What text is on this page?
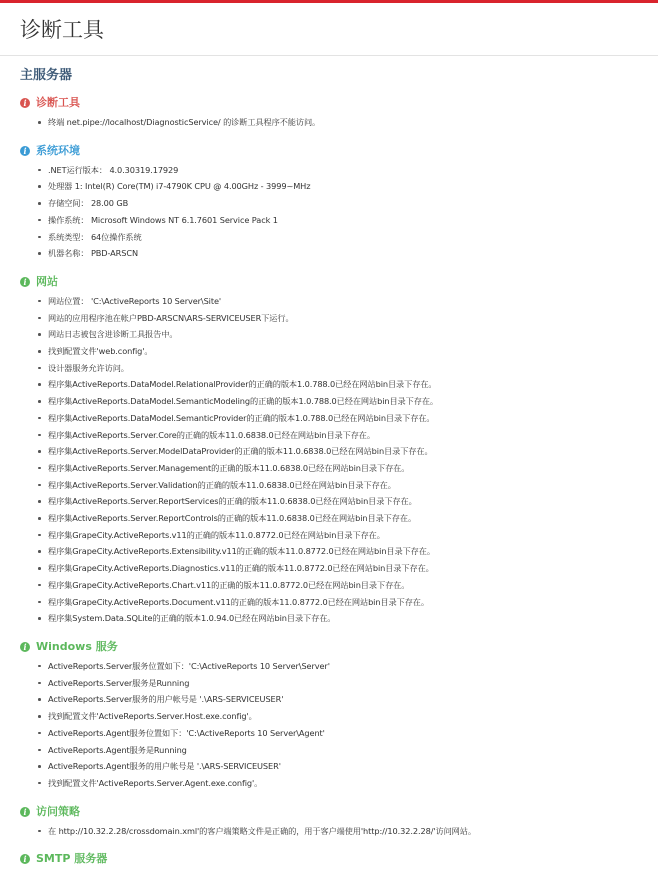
诊断工具
主服务器
i 诊断工具
终端 net.pipe://localhost/DiagnosticService/ 的诊断工具程序不能访问。
i 系统环境
.NET运行版本： 4.0.30319.17929
处理器 1: Intel(R) Core(TM) i7-4790K CPU @ 4.00GHz - 3999~MHz
存储空间： 28.00 GB
操作系统： Microsoft Windows NT 6.1.7601 Service Pack 1
系统类型： 64位操作系统
机器名称： PBD-ARSCN
i 网站
网站位置： 'C:\ActiveReports 10 Server\Site'
网站的应用程序池在帐户PBD-ARSCN\ARS-SERVICEUSER下运行。
网站日志被包含进诊断工具报告中。
找到配置文件'web.config'。
设计器服务允许访问。
程序集ActiveReports.DataModel.RelationalProvider的正确的版本1.0.788.0已经在网站bin目录下存在。
程序集ActiveReports.DataModel.SemanticModeling的正确的版本1.0.788.0已经在网站bin目录下存在。
程序集ActiveReports.DataModel.SemanticProvider的正确的版本1.0.788.0已经在网站bin目录下存在。
程序集ActiveReports.Server.Core的正确的版本11.0.6838.0已经在网站bin目录下存在。
程序集ActiveReports.Server.ModelDataProvider的正确的版本11.0.6838.0已经在网站bin目录下存在。
程序集ActiveReports.Server.Management的正确的版本11.0.6838.0已经在网站bin目录下存在。
程序集ActiveReports.Server.Validation的正确的版本11.0.6838.0已经在网站bin目录下存在。
程序集ActiveReports.Server.ReportServices的正确的版本11.0.6838.0已经在网站bin目录下存在。
程序集ActiveReports.Server.ReportControls的正确的版本11.0.6838.0已经在网站bin目录下存在。
程序集GrapeCity.ActiveReports.v11的正确的版本11.0.8772.0已经在网站bin目录下存在。
程序集GrapeCity.ActiveReports.Extensibility.v11的正确的版本11.0.8772.0已经在网站bin目录下存在。
程序集GrapeCity.ActiveReports.Diagnostics.v11的正确的版本11.0.8772.0已经在网站bin目录下存在。
程序集GrapeCity.ActiveReports.Chart.v11的正确的版本11.0.8772.0已经在网站bin目录下存在。
程序集GrapeCity.ActiveReports.Document.v11的正确的版本11.0.8772.0已经在网站bin目录下存在。
程序集System.Data.SQLite的正确的版本1.0.94.0已经在网站bin目录下存在。
i Windows 服务
ActiveReports.Server服务位置如下：'C:\ActiveReports 10 Server\Server'
ActiveReports.Server服务是Running
ActiveReports.Server服务的用户帐号是 '.\ARS-SERVICEUSER'
找到配置文件'ActiveReports.Server.Host.exe.config'。
ActiveReports.Agent服务位置如下：'C:\ActiveReports 10 Server\Agent'
ActiveReports.Agent服务是Running
ActiveReports.Agent服务的用户帐号是 '.\ARS-SERVICEUSER'
找到配置文件'ActiveReports.Server.Agent.exe.config'。
i 访问策略
在 http://10.32.2.28/crossdomain.xml'的客户端策略文件是正确的，用于客户端使用'http://10.32.2.28/'访问网站。
i SMTP 服务器
